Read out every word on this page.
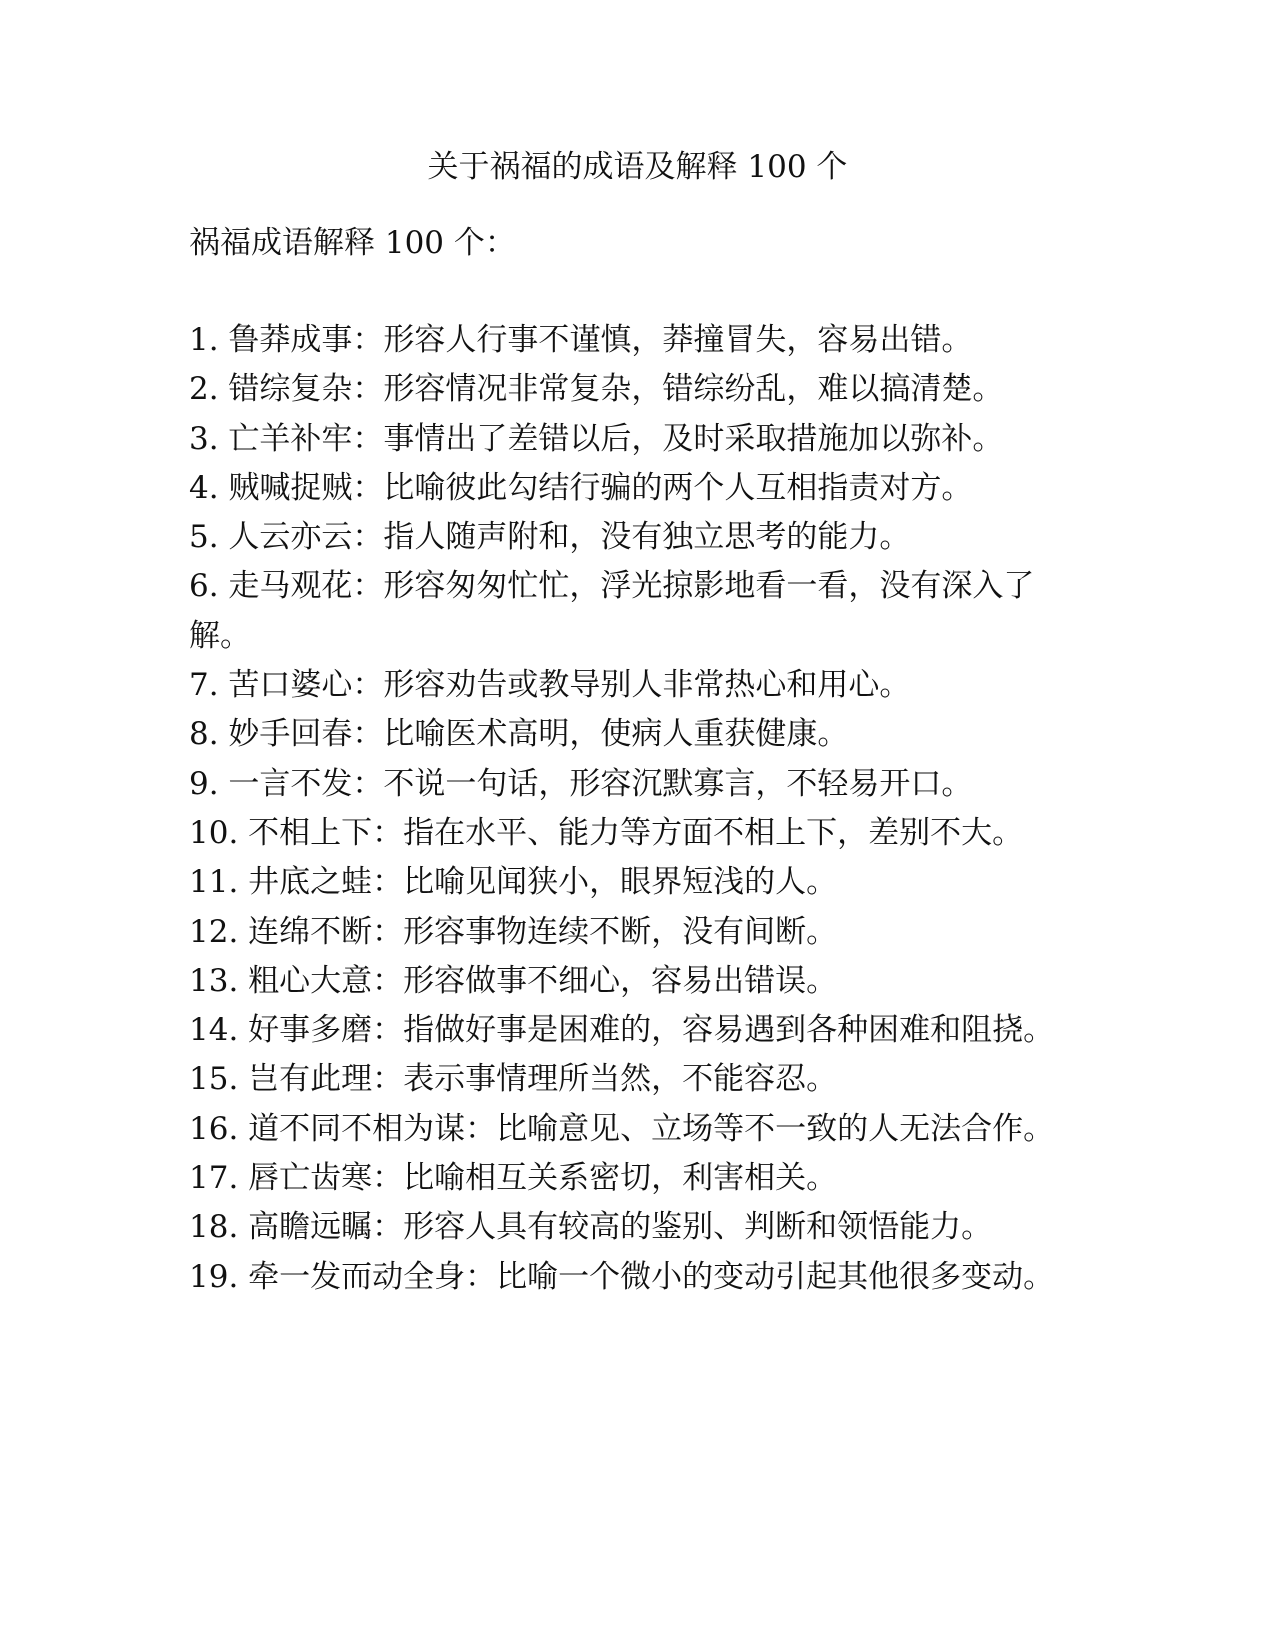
关于祸福的成语及解释 100 个

祸福成语解释 100 个：

1. 鲁莽成事：形容人行事不谨慎，莽撞冒失，容易出错。
2. 错综复杂：形容情况非常复杂，错综纷乱，难以搞清楚。
3. 亡羊补牢：事情出了差错以后，及时采取措施加以弥补。
4. 贼喊捉贼：比喻彼此勾结行骗的两个人互相指责对方。
5. 人云亦云：指人随声附和，没有独立思考的能力。
6. 走马观花：形容匆匆忙忙，浮光掠影地看一看，没有深入了解。
7. 苦口婆心：形容劝告或教导别人非常热心和用心。
8. 妙手回春：比喻医术高明，使病人重获健康。
9. 一言不发：不说一句话，形容沉默寡言，不轻易开口。
10. 不相上下：指在水平、能力等方面不相上下，差别不大。
11. 井底之蛙：比喻见闻狭小，眼界短浅的人。
12. 连绵不断：形容事物连续不断，没有间断。
13. 粗心大意：形容做事不细心，容易出错误。
14. 好事多磨：指做好事是困难的，容易遇到各种困难和阻挠。
15. 岂有此理：表示事情理所当然，不能容忍。
16. 道不同不相为谋：比喻意见、立场等不一致的人无法合作。
17. 唇亡齿寒：比喻相互关系密切，利害相关。
18. 高瞻远瞩：形容人具有较高的鉴别、判断和领悟能力。
19. 牵一发而动全身：比喻一个微小的变动引起其他很多变动。
